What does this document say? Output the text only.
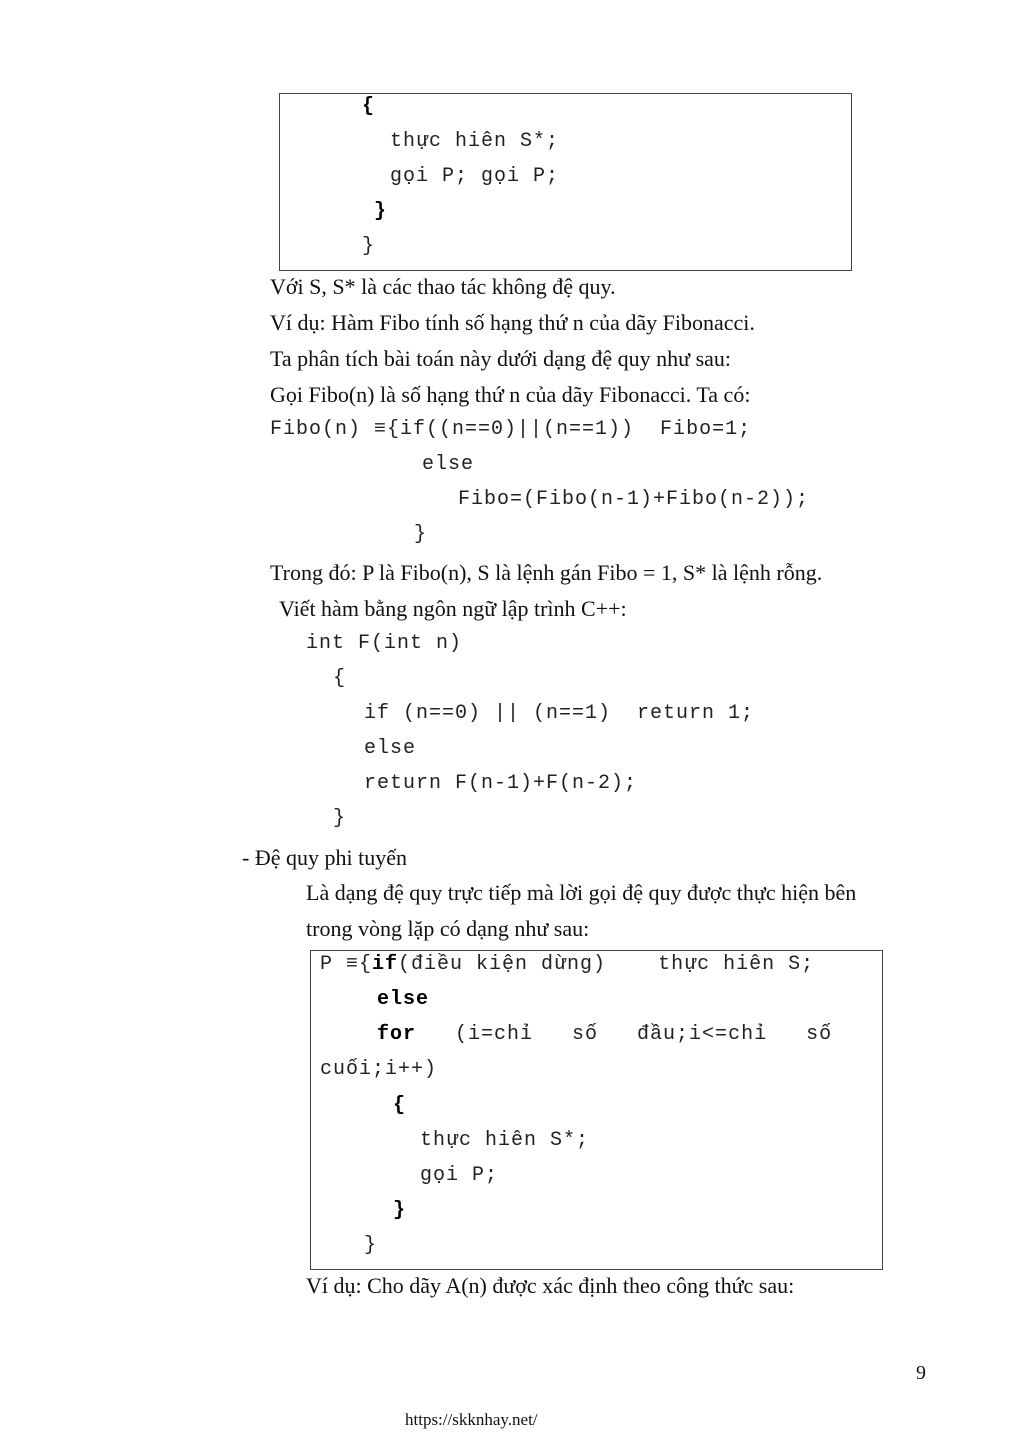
{
thực hiên S*;
gọi P; gọi P;
}
}
Với S, S* là các thao tác không đệ quy.
Ví dụ: Hàm Fibo tính số hạng thứ n của dãy Fibonacci.
Ta phân tích bài toán này dưới dạng đệ quy như sau:
Gọi Fibo(n) là số hạng thứ n của dãy Fibonacci. Ta có:
Fibo(n) ≡{if((n==0)||(n==1))  Fibo=1;
else
Fibo=(Fibo(n-1)+Fibo(n-2));
}
Trong đó: P là Fibo(n), S là lệnh gán Fibo = 1, S* là lệnh rỗng.
Viết hàm bằng ngôn ngữ lập trình C++:
int F(int n)
{
if (n==0) || (n==1)  return 1;
else
return F(n-1)+F(n-2);
}
- Đệ quy phi tuyến
Là dạng đệ quy trực tiếp mà lời gọi đệ quy được thực hiện bên
trong vòng lặp có dạng như sau:
P ≡{if(điều kiện dừng)    thực hiên S;
else
for   (i=chỉ   số   đầu;i<=chỉ   số
cuối;i++)
{
thực hiên S*;
gọi P;
}
}
Ví dụ: Cho dãy A(n) được xác định theo công thức sau:
9
https://skknhay.net/
